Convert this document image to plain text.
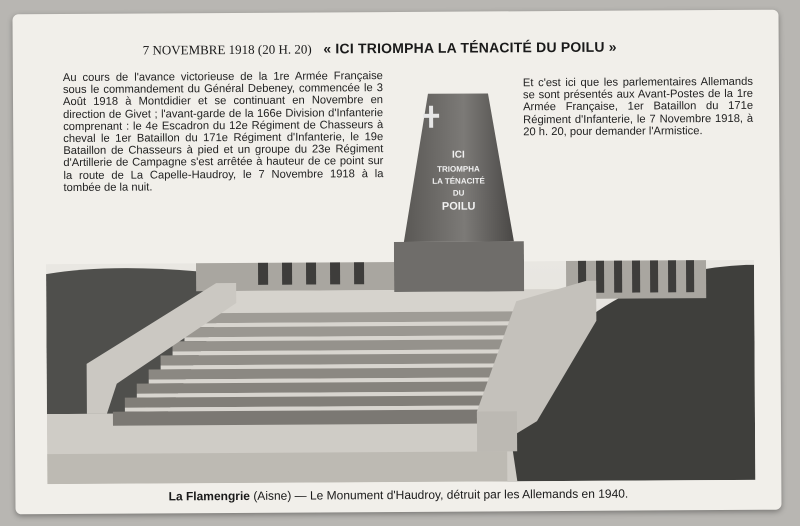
7 NOVEMBRE 1918 (20 H. 20) « ICI TRIOMPHA LA TÉNACITÉ DU POILU »
Au cours de l'avance victorieuse de la 1re Armée Française sous le commandement du Général Debeney, commencée le 3 Août 1918 à Montdidier et se continuant en Novembre en direction de Givet ; l'avant-garde de la 166e Division d'Infanterie comprenant : le 4e Escadron du 12e Régiment de Chasseurs à cheval le 1er Bataillon du 171e Régiment d'Infanterie, le 19e Bataillon de Chasseurs à pied et un groupe du 23e Régiment d'Artillerie de Campagne s'est arrêtée à hauteur de ce point sur la route de La Capelle-Haudroy, le 7 Novembre 1918 à la tombée de la nuit.
Et c'est ici que les parlementaires Allemands se sont présentés aux Avant-Postes de la 1re Armée Française, 1er Bataillon du 171e Régiment d'Infanterie, le 7 Novembre 1918, à 20 h. 20, pour demander l'Armistice.
ICI
TRIOMPHA
LA TÉNACITÉ
DU
POILU
La Flamengrie (Aisne) — Le Monument d'Haudroy, détruit par les Allemands en 1940.
